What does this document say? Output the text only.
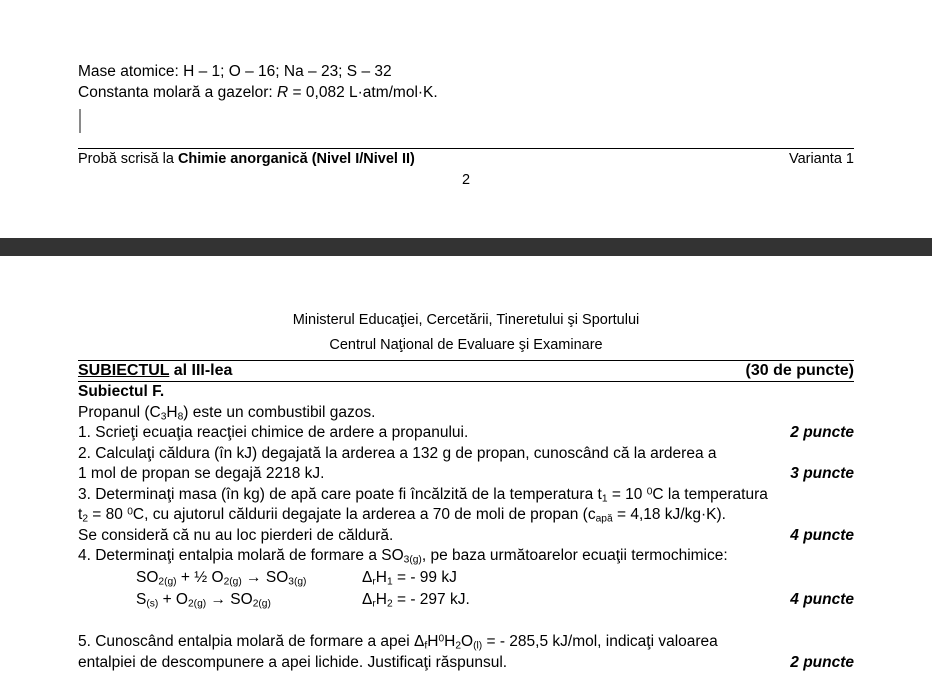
Mase atomice: H – 1; O – 16; Na – 23; S – 32
Constanta molară a gazelor: R = 0,082 L·atm/mol·K.
Probă scrisă la Chimie anorganică (Nivel I/Nivel II)	Varianta 1
2
Ministerul Educaţiei, Cercetării, Tineretului şi Sportului
Centrul Naţional de Evaluare şi Examinare
SUBIECTUL al III-lea	(30 de puncte)
Subiectul F.
Propanul $(C_3H_8)$ este un combustibil gazos.
1. Scrieţi ecuaţia reacţiei chimice de ardere a propanului.	2 puncte
2. Calculaţi căldura (în kJ) degajată la arderea a 132 g de propan, cunoscând că la arderea a
1 mol de propan se degajă 2218 kJ.	3 puncte
3. Determinaţi masa (în kg) de apă care poate fi încălzită de la temperatura $t_1 = 10$ $^0$C la temperatura
$t_2 = 80$ $^0$C, cu ajutorul căldurii degajate la arderea a 70 de moli de propan ($c_{apă} = 4,18$ kJ/kg·K).
Se consideră că nu au loc pierderi de căldură.	4 puncte
4. Determinaţi entalpia molară de formare a $SO_{3(g)}$, pe baza următoarelor ecuaţii termochimice:
$SO_{2(g)}$ + ½ $O_{2(g)} \to SO_{3(g)}$	$\Delta_rH_1$ = - 99 kJ
$S_{(s)} + O_{2(g)} \to SO_{2(g)}$	$\Delta_rH_2$ = - 297 kJ.	4 puncte
5. Cunoscând entalpia molară de formare a apei $\Delta_fH^0H_2O_{(l)}$ = - 285,5 kJ/mol, indicaţi valoarea
entalpiei de descompunere a apei lichide. Justificaţi răspunsul.	2 puncte
